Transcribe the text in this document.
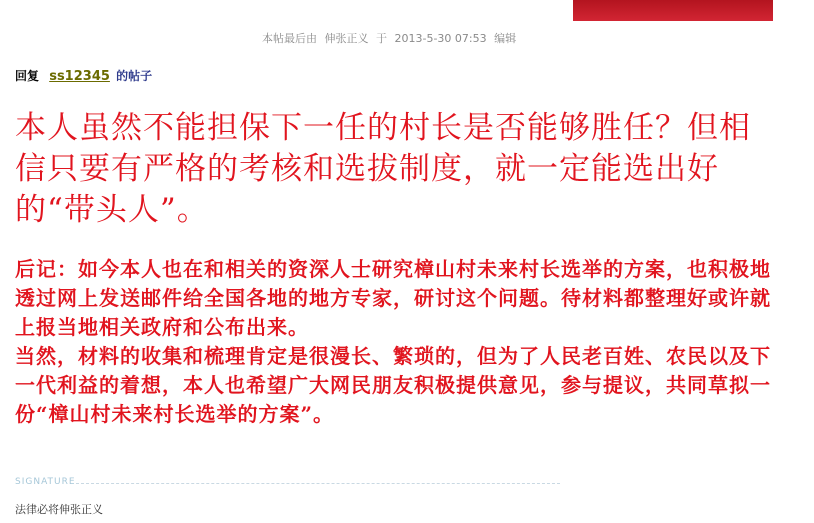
本帖最后由 伸张正义 于 2013-5-30 07:53 编辑
回复 ss12345 的帖子
本人虽然不能担保下一任的村长是否能够胜任？但相信只要有严格的考核和选拔制度，就一定能选出好的“带头人”。

后记：如今本人也在和相关的资深人士研究樟山村未来村长选举的方案，也积极地透过网上发送邮件给全国各地的地方专家，研讨这个问题。待材料都整理好或许就上报当地相关政府和公布出来。

当然，材料的收集和梳理肯定是很漫长、繁琐的，但为了人民老百姓、农民以及下一代利益的着想，本人也希望广大网民朋友积极提供意见，参与提议，共同草拟一份“樟山村未来村长选举的方案”。

SIGNATURE
法律必将伸张正义
